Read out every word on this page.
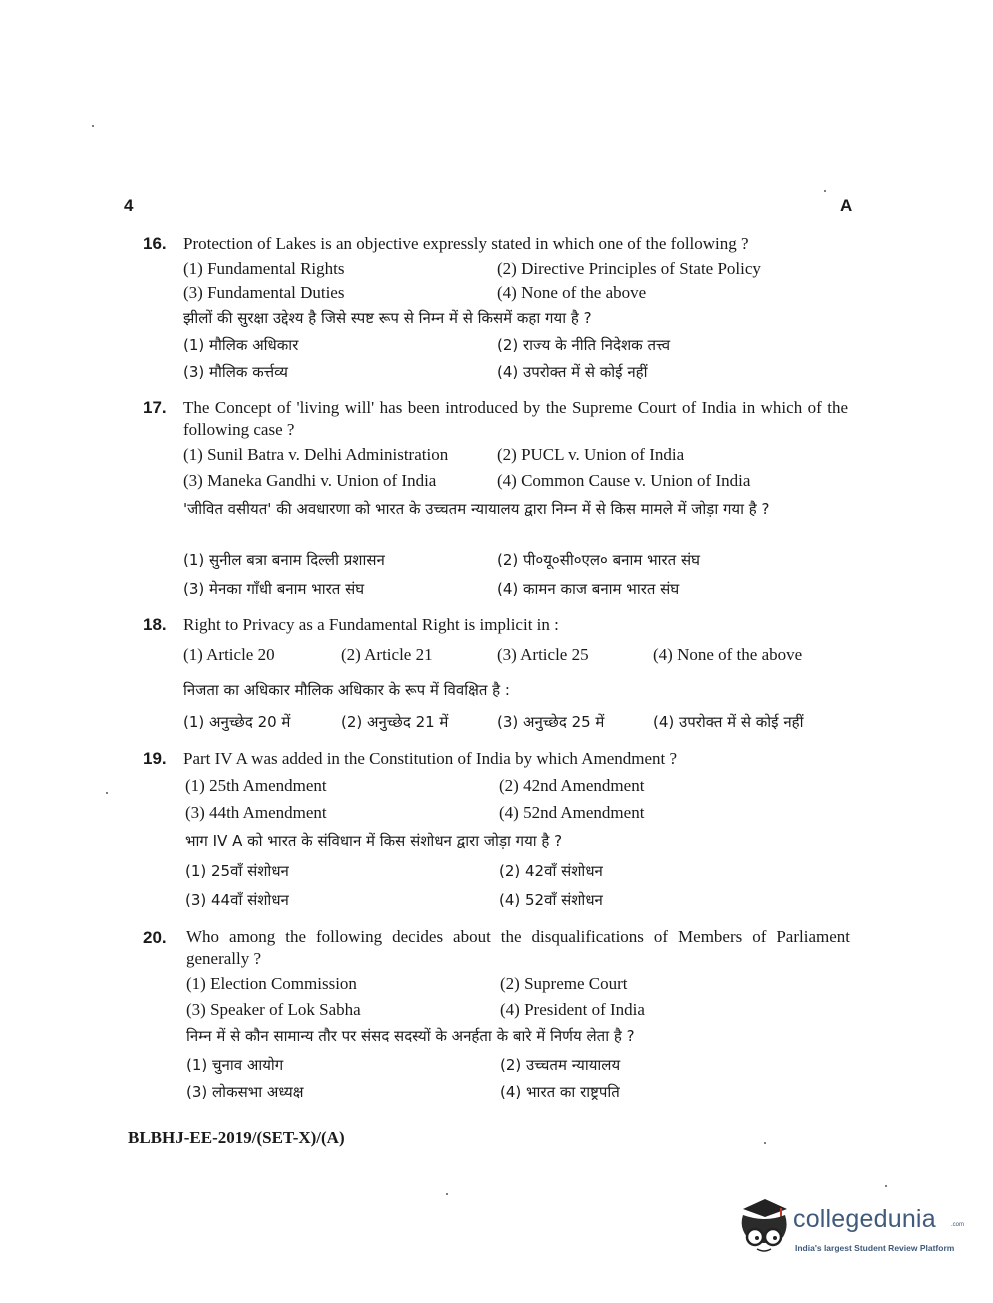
4	A
16. Protection of Lakes is an objective expressly stated in which one of the following ?
(1) Fundamental Rights	(2) Directive Principles of State Policy
(3) Fundamental Duties	(4) None of the above
झीलों की सुरक्षा उद्देश्य है जिसे स्पष्ट रूप से निम्न में से किसमें कहा गया है ?
(1) मौलिक अधिकार	(2) राज्य के नीति निदेशक तत्त्व
(3) मौलिक कर्त्तव्य	(4) उपरोक्त में से कोई नहीं
17. The Concept of 'living will' has been introduced by the Supreme Court of India in which of the following case ?
(1) Sunil Batra v. Delhi Administration	(2) PUCL v. Union of India
(3) Maneka Gandhi v. Union of India	(4) Common Cause v. Union of India
'जीवित वसीयत' की अवधारणा को भारत के उच्चतम न्यायालय द्वारा निम्न में से किस मामले में जोड़ा गया है ?
(1) सुनील बत्रा बनाम दिल्ली प्रशासन	(2) पी०यू०सी०एल० बनाम भारत संघ
(3) मेनका गाँधी बनाम भारत संघ	(4) कामन काज बनाम भारत संघ
18. Right to Privacy as a Fundamental Right is implicit in :
(1) Article 20	(2) Article 21	(3) Article 25	(4) None of the above
निजता का अधिकार मौलिक अधिकार के रूप में विवक्षित है :
(1) अनुच्छेद 20 में	(2) अनुच्छेद 21 में	(3) अनुच्छेद 25 में	(4) उपरोक्त में से कोई नहीं
19. Part IV A was added in the Constitution of India by which Amendment ?
(1) 25th Amendment	(2) 42nd Amendment
(3) 44th Amendment	(4) 52nd Amendment
भाग IV A को भारत के संविधान में किस संशोधन द्वारा जोड़ा गया है ?
(1) 25वाँ संशोधन	(2) 42वाँ संशोधन
(3) 44वाँ संशोधन	(4) 52वाँ संशोधन
20. Who among the following decides about the disqualifications of Members of Parliament generally ?
(1) Election Commission	(2) Supreme Court
(3) Speaker of Lok Sabha	(4) President of India
निम्न में से कौन सामान्य तौर पर संसद सदस्यों के अनर्हता के बारे में निर्णय लेता है ?
(1) चुनाव आयोग	(2) उच्चतम न्यायालय
(3) लोकसभा अध्यक्ष	(4) भारत का राष्ट्रपति
BLBHJ-EE-2019/(SET-X)/(A)
collegedunia	.com
India's largest Student Review Platform
